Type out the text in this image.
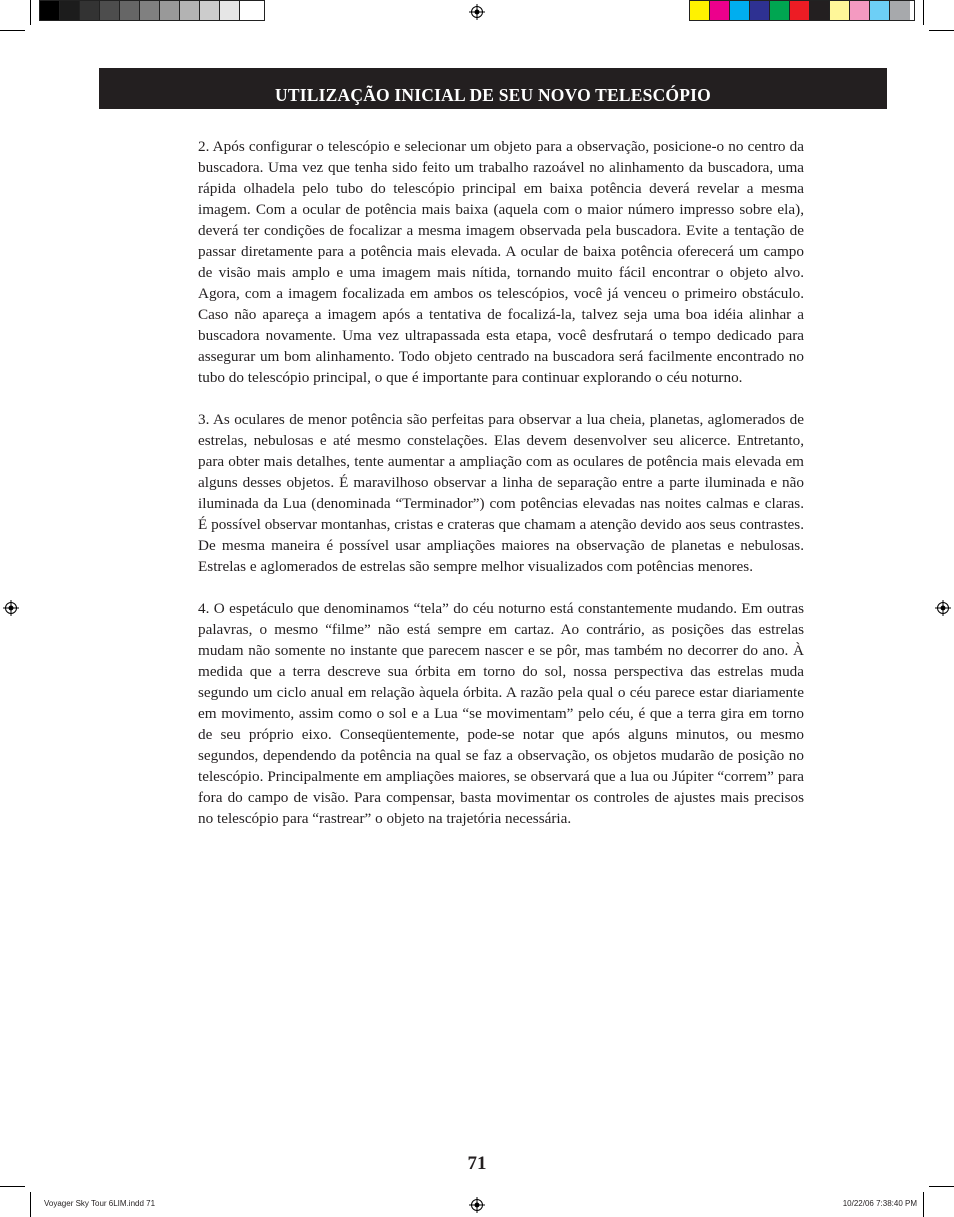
UTILIZAÇÃO INICIAL DE SEU NOVO TELESCÓPIO

2. Após configurar o telescópio e selecionar um objeto para a observação, posicione-o no centro da buscadora. Uma vez que tenha sido feito um trabalho razoável no alinhamento da buscadora, uma rápida olhadela pelo tubo do telescópio principal em baixa potência deverá revelar a mesma imagem. Com a ocular de potência mais baixa (aquela com o maior número impresso sobre ela), deverá ter condições de focalizar a mesma imagem observada pela buscadora. Evite a tentação de passar diretamente para a potência mais elevada. A ocular de baixa potência oferecerá um campo de visão mais amplo e uma imagem mais nítida, tornando muito fácil encontrar o objeto alvo. Agora, com a imagem focalizada em ambos os telescópios, você já venceu o primeiro obstáculo. Caso não apareça a imagem após a tentativa de focalizá-la, talvez seja uma boa idéia alinhar a buscadora novamente. Uma vez ultrapassada esta etapa, você desfrutará o tempo dedicado para assegurar um bom alinhamento. Todo objeto centrado na buscadora será facilmente encontrado no tubo do telescópio principal, o que é importante para continuar explorando o céu noturno.

3. As oculares de menor potência são perfeitas para observar a lua cheia, planetas, aglomerados de estrelas, nebulosas e até mesmo constelações. Elas devem desenvolver seu alicerce. Entretanto, para obter mais detalhes, tente aumentar a ampliação com as oculares de potência mais elevada em alguns desses objetos. É maravilhoso observar a linha de separação entre a parte iluminada e não iluminada da Lua (denominada “Terminador”) com potências elevadas nas noites calmas e claras. É possível observar montanhas, cristas e crateras que chamam a atenção devido aos seus contrastes. De mesma maneira é possível usar ampliações maiores na observação de planetas e nebulosas. Estrelas e aglomerados de estrelas são sempre melhor visualizados com potências menores.

4. O espetáculo que denominamos “tela” do céu noturno está constantemente mudando. Em outras palavras, o mesmo “filme” não está sempre em cartaz. Ao contrário, as posições das estrelas mudam não somente no instante que parecem nascer e se pôr, mas também no decorrer do ano. À medida que a terra descreve sua órbita em torno do sol, nossa perspectiva das estrelas muda segundo um ciclo anual em relação àquela órbita. A razão pela qual o céu parece estar diariamente em movimento, assim como o sol e a Lua “se movimentam” pelo céu, é que a terra gira em torno de seu próprio eixo. Conseqüentemente, pode-se notar que após alguns minutos, ou mesmo segundos, dependendo da potência na qual se faz a observação, os objetos mudarão de posição no telescópio. Principalmente em ampliações maiores, se observará que a lua ou Júpiter “correm” para fora do campo de visão. Para compensar, basta movimentar os controles de ajustes mais precisos no telescópio para “rastrear” o objeto na trajetória necessária.

71
Voyager Sky Tour 6LIM.indd 71	10/22/06 7:38:40 PM
